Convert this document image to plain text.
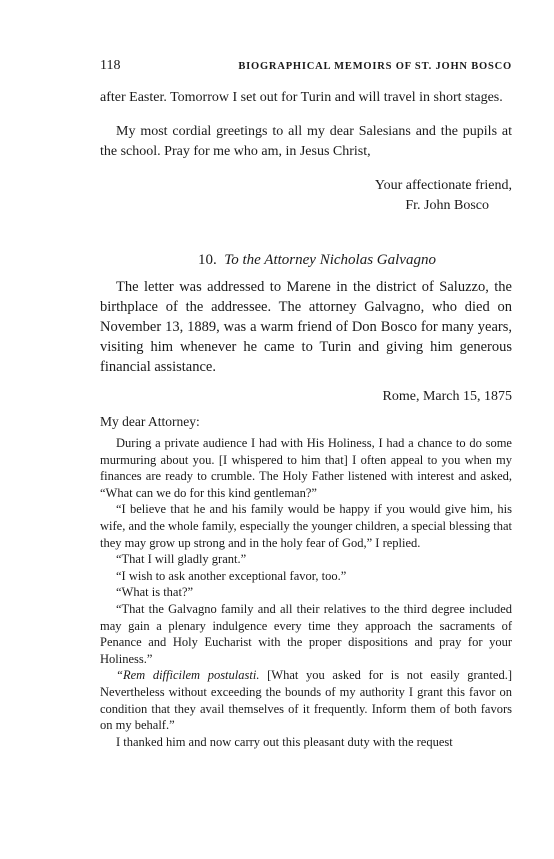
118	BIOGRAPHICAL MEMOIRS OF ST. JOHN BOSCO

after Easter. Tomorrow I set out for Turin and will travel in short stages.

My most cordial greetings to all my dear Salesians and the pupils at the school. Pray for me who am, in Jesus Christ,

Your affectionate friend,
Fr. John Bosco
10. To the Attorney Nicholas Galvagno

The letter was addressed to Marene in the district of Saluzzo, the birthplace of the addressee. The attorney Galvagno, who died on November 13, 1889, was a warm friend of Don Bosco for many years, visiting him whenever he came to Turin and giving him generous financial assistance.

Rome, March 15, 1875
My dear Attorney:

During a private audience I had with His Holiness, I had a chance to do some murmuring about you. [I whispered to him that] I often appeal to you when my finances are ready to crumble. The Holy Father listened with interest and asked, “What can we do for this kind gentleman?”

“I believe that he and his family would be happy if you would give him, his wife, and the whole family, especially the younger children, a special blessing that they may grow up strong and in the holy fear of God,” I replied.

“That I will gladly grant.”

“I wish to ask another exceptional favor, too.”

“What is that?”

“That the Galvagno family and all their relatives to the third degree included may gain a plenary indulgence every time they approach the sacraments of Penance and Holy Eucharist with the proper dispositions and pray for your Holiness.”

“Rem difficilem postulasti. [What you asked for is not easily granted.] Nevertheless without exceeding the bounds of my authority I grant this favor on condition that they avail themselves of it frequently. Inform them of both favors on my behalf.”

I thanked him and now carry out this pleasant duty with the request
